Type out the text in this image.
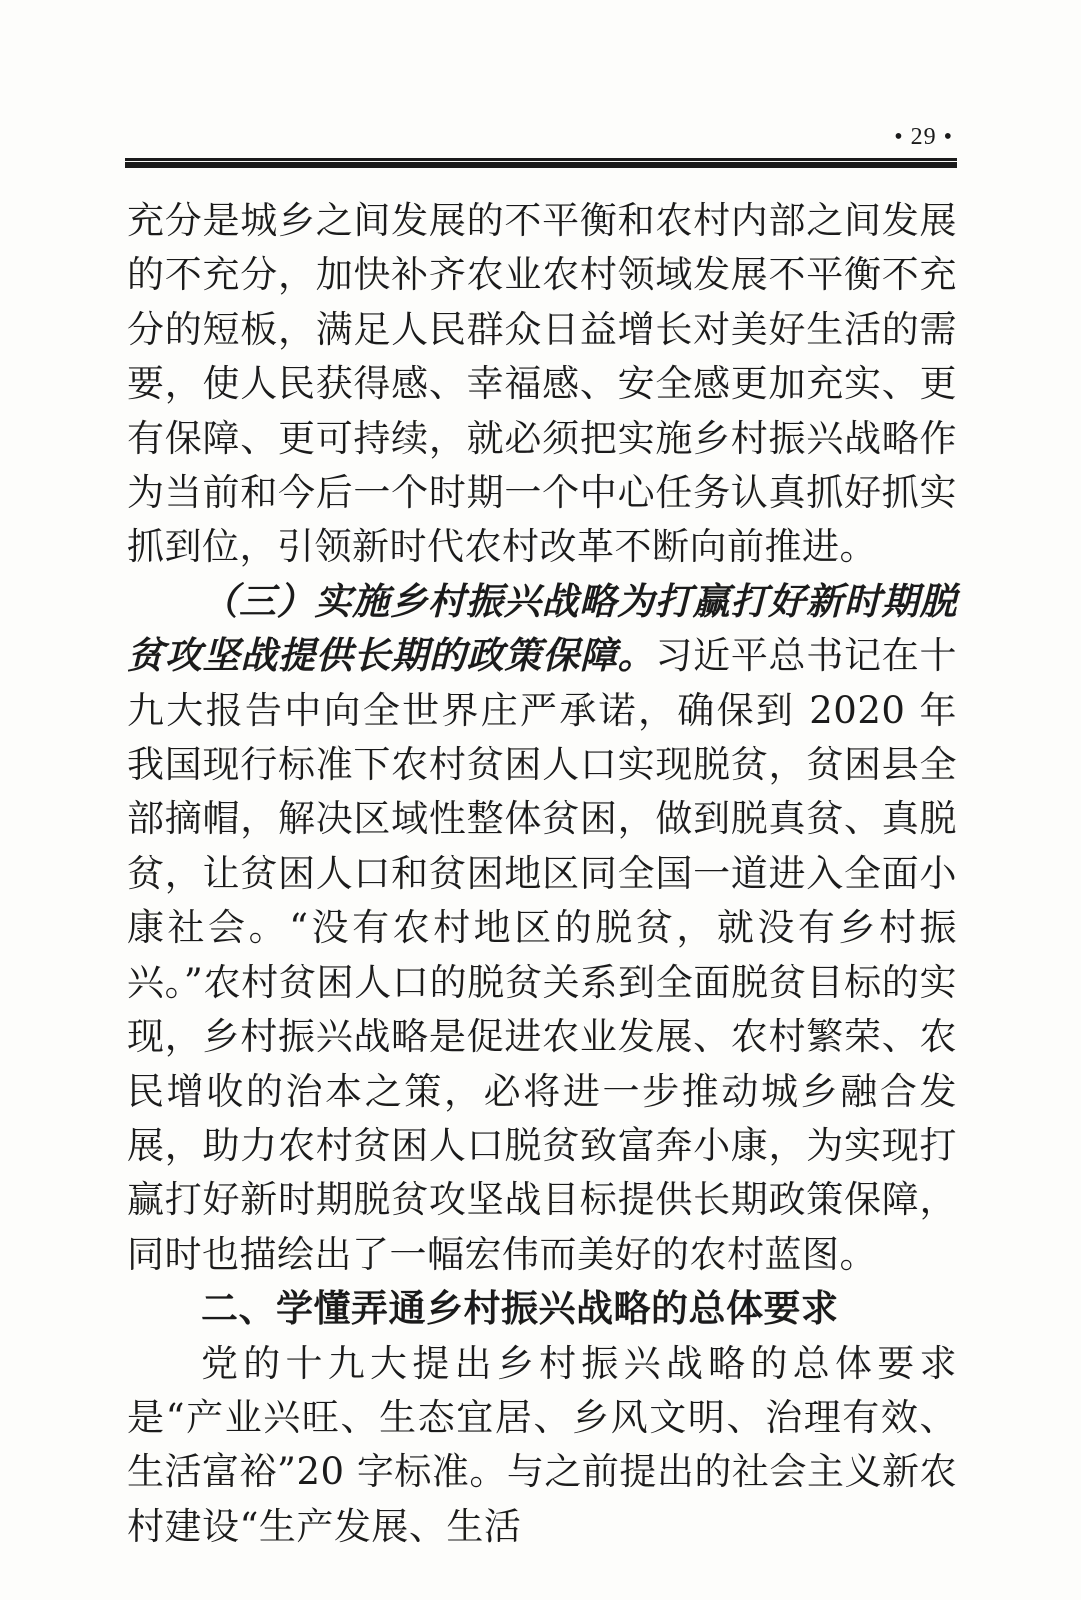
• 29 •

充分是城乡之间发展的不平衡和农村内部之间发展的不充分，加快补齐农业农村领域发展不平衡不充分的短板，满足人民群众日益增长对美好生活的需要，使人民获得感、幸福感、安全感更加充实、更有保障、更可持续，就必须把实施乡村振兴战略作为当前和今后一个时期一个中心任务认真抓好抓实抓到位，引领新时代农村改革不断向前推进。

（三）实施乡村振兴战略为打赢打好新时期脱贫攻坚战提供长期的政策保障。习近平总书记在十九大报告中向全世界庄严承诺，确保到 2020 年我国现行标准下农村贫困人口实现脱贫，贫困县全部摘帽，解决区域性整体贫困，做到脱真贫、真脱贫，让贫困人口和贫困地区同全国一道进入全面小康社会。“没有农村地区的脱贫，就没有乡村振兴。”农村贫困人口的脱贫关系到全面脱贫目标的实现，乡村振兴战略是促进农业发展、农村繁荣、农民增收的治本之策，必将进一步推动城乡融合发展，助力农村贫困人口脱贫致富奔小康，为实现打赢打好新时期脱贫攻坚战目标提供长期政策保障，同时也描绘出了一幅宏伟而美好的农村蓝图。

二、学懂弄通乡村振兴战略的总体要求

党的十九大提出乡村振兴战略的总体要求是“产业兴旺、生态宜居、乡风文明、治理有效、生活富裕”20 字标准。与之前提出的社会主义新农村建设“生产发展、生活
